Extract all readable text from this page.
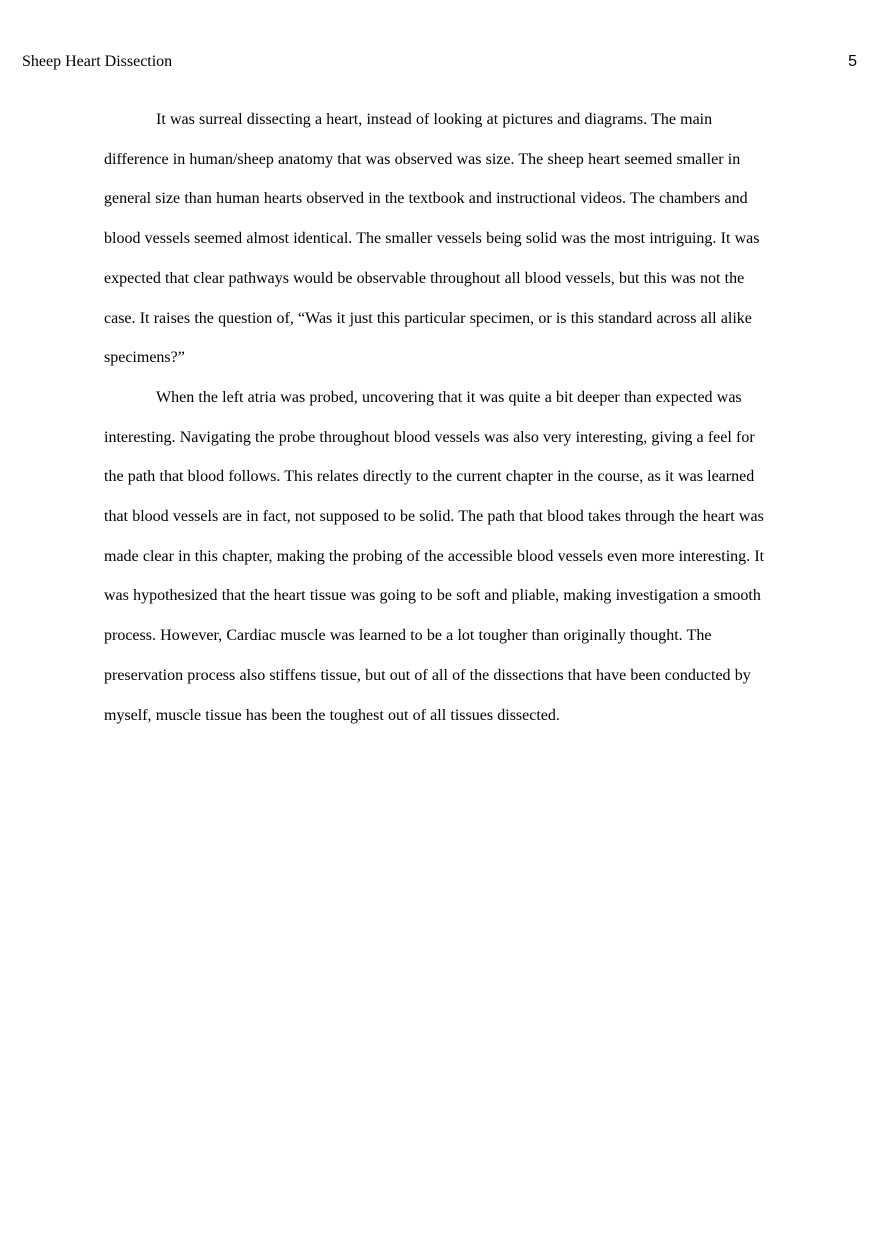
Sheep Heart Dissection	5

It was surreal dissecting a heart, instead of looking at pictures and diagrams. The main difference in human/sheep anatomy that was observed was size. The sheep heart seemed smaller in general size than human hearts observed in the textbook and instructional videos. The chambers and blood vessels seemed almost identical. The smaller vessels being solid was the most intriguing. It was expected that clear pathways would be observable throughout all blood vessels, but this was not the case. It raises the question of, “Was it just this particular specimen, or is this standard across all alike specimens?”

When the left atria was probed, uncovering that it was quite a bit deeper than expected was interesting. Navigating the probe throughout blood vessels was also very interesting, giving a feel for the path that blood follows. This relates directly to the current chapter in the course, as it was learned that blood vessels are in fact, not supposed to be solid. The path that blood takes through the heart was made clear in this chapter, making the probing of the accessible blood vessels even more interesting. It was hypothesized that the heart tissue was going to be soft and pliable, making investigation a smooth process. However, Cardiac muscle was learned to be a lot tougher than originally thought. The preservation process also stiffens tissue, but out of all of the dissections that have been conducted by myself, muscle tissue has been the toughest out of all tissues dissected.
